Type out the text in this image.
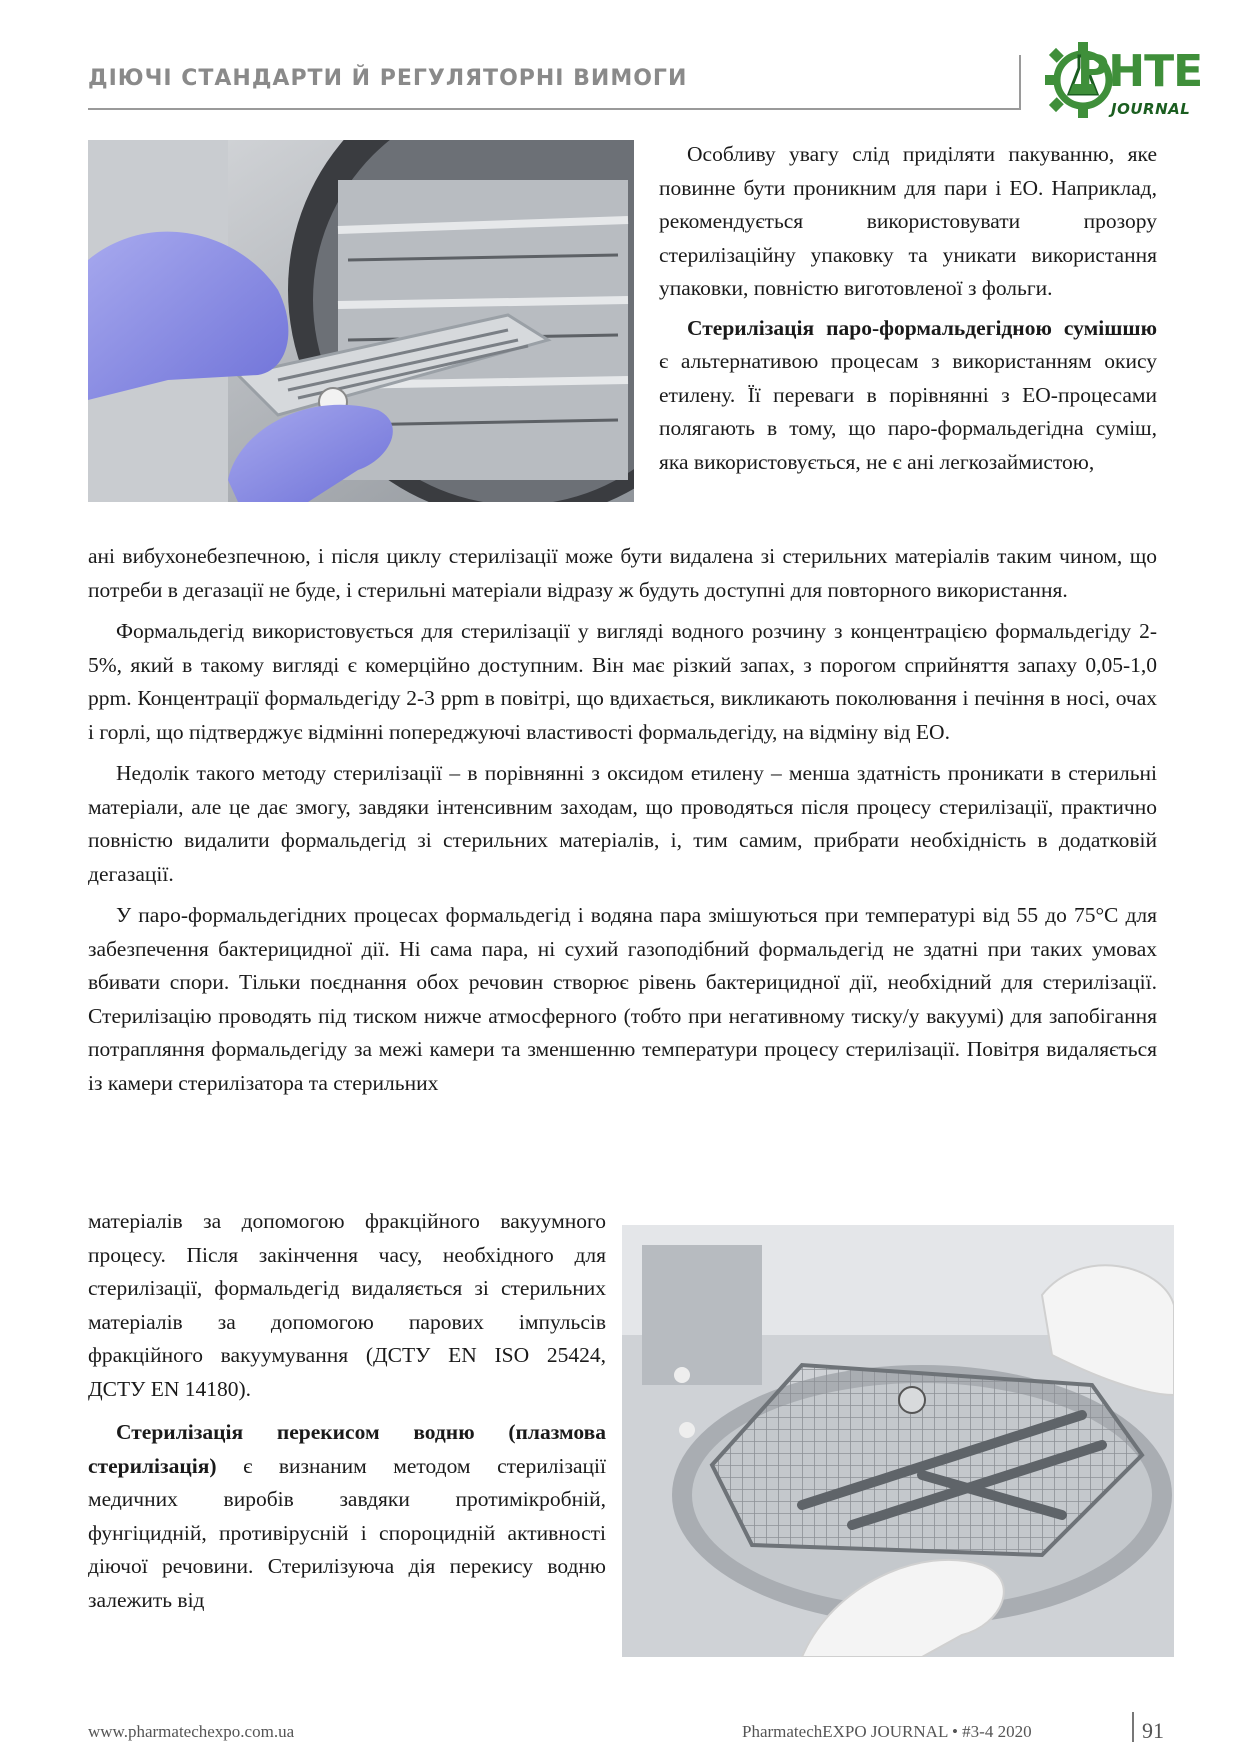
ДІЮЧІ СТАНДАРТИ Й РЕГУЛЯТОРНІ ВИМОГИ	PHTE
JOURNAL

Особливу увагу слід приділяти пакуванню, яке повинне бути проникним для пари і ЕО. Наприклад, рекомендується використовувати прозору стерилізаційну упаковку та уникати використання упаковки, повністю виготовленої з фольги.

Стерилізація паро-формальдегідною сумішшю є альтернативою процесам з використанням окису етилену. Її переваги в порівнянні з ЕО-процесами полягають в тому, що паро-формальдегідна суміш, яка використовується, не є ані легкозаймистою,

ані вибухонебезпечною, і після циклу стерилізації може бути видалена зі стерильних матеріалів таким чином, що потреби в дегазації не буде, і стерильні матеріали відразу ж будуть доступні для повторного використання.

Формальдегід використовується для стерилізації у вигляді водного розчину з концентрацією формальдегіду 2-5%, який в такому вигляді є комерційно доступним. Він має різкий запах, з порогом сприйняття запаху 0,05-1,0 ppm. Концентрації формальдегіду 2-3 ppm в повітрі, що вдихається, викликають поколювання і печіння в носі, очах і горлі, що підтверджує відмінні попереджуючі властивості формальдегіду, на відміну від ЕО.

Недолік такого методу стерилізації – в порівнянні з оксидом етилену – менша здатність проникати в стерильні матеріали, але це дає змогу, завдяки інтенсивним заходам, що проводяться після процесу стерилізації, практично повністю видалити формальдегід зі стерильних матеріалів, і, тим самим, прибрати необхідність в додатковій дегазації.

У паро-формальдегідних процесах формальдегід і водяна пара змішуються при температурі від 55 до 75°С для забезпечення бактерицидної дії. Ні сама пара, ні сухий газоподібний формальдегід не здатні при таких умовах вбивати спори. Тільки поєднання обох речовин створює рівень бактерицидної дії, необхідний для стерилізації. Стерилізацію проводять під тиском нижче атмосферного (тобто при негативному тиску/у вакуумі) для запобігання потрапляння формальдегіду за межі камери та зменшенню температури процесу стерилізації. Повітря видаляється із камери стерилізатора та стерильних

матеріалів за допомогою фракційного вакуумного процесу. Після закінчення часу, необхідного для стерилізації, формальдегід видаляється зі стерильних матеріалів за допомогою парових імпульсів фракційного вакуумування (ДСТУ EN ISO 25424, ДСТУ EN 14180).

Стерилізація перекисом водню (плазмова стерилізація) є визнаним методом стерилізації медичних виробів завдяки протимікробній, фунгіцидній, противірусній і спороцидній активності діючої речовини. Стерилізуюча дія перекису водню залежить від

www.pharmatechexpo.com.ua	PharmatechEXPO JOURNAL • #3-4 2020	91
